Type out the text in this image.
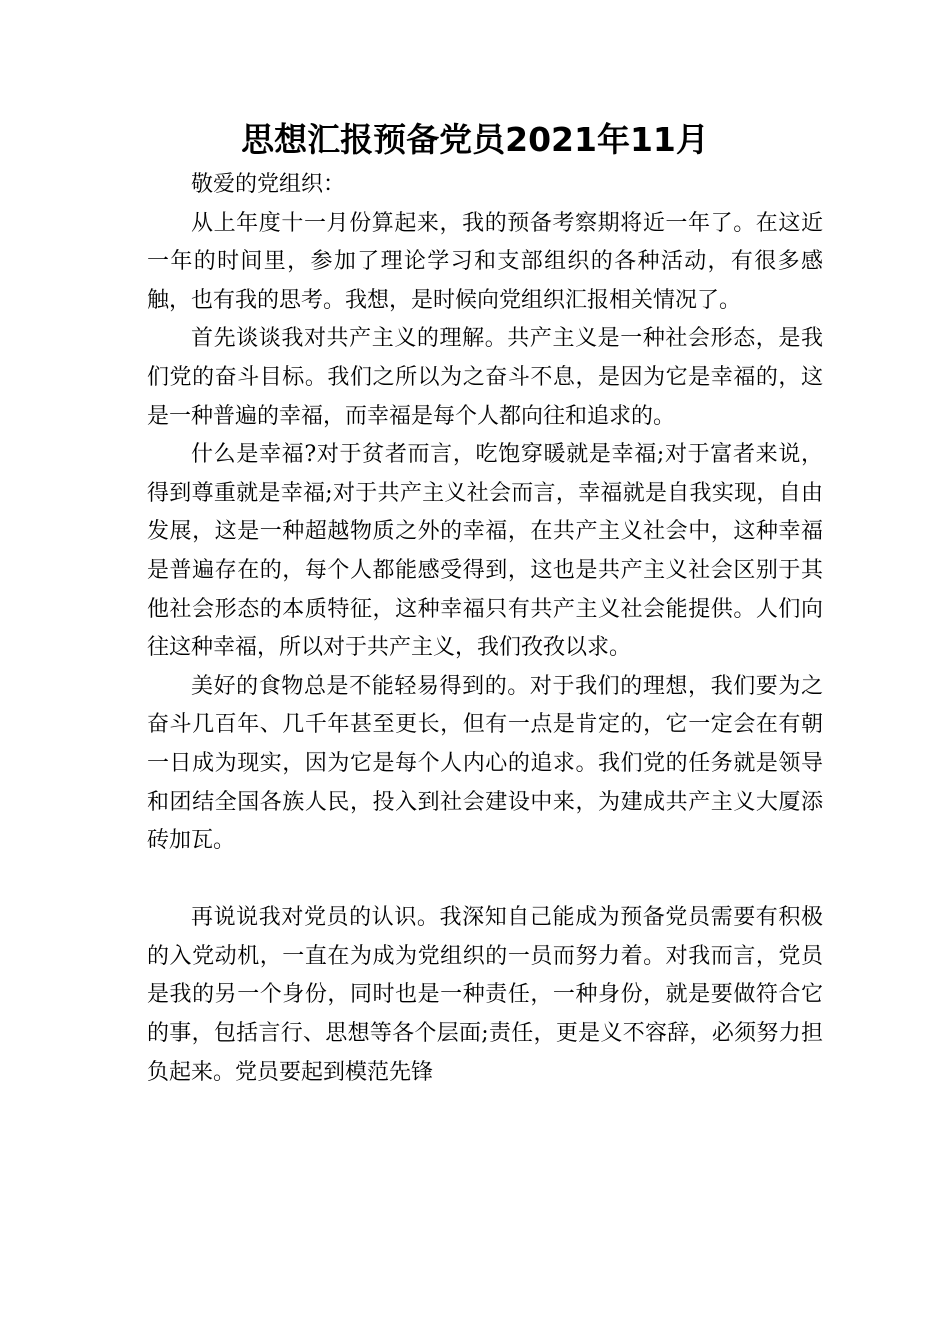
思想汇报预备党员2021年11月

敬爱的党组织：

从上年度十一月份算起来，我的预备考察期将近一年了。在这近一年的时间里，参加了理论学习和支部组织的各种活动，有很多感触，也有我的思考。我想，是时候向党组织汇报相关情况了。

首先谈谈我对共产主义的理解。共产主义是一种社会形态，是我们党的奋斗目标。我们之所以为之奋斗不息，是因为它是幸福的，这是一种普遍的幸福，而幸福是每个人都向往和追求的。

什么是幸福?对于贫者而言，吃饱穿暖就是幸福;对于富者来说，得到尊重就是幸福;对于共产主义社会而言，幸福就是自我实现，自由发展，这是一种超越物质之外的幸福，在共产主义社会中，这种幸福是普遍存在的，每个人都能感受得到，这也是共产主义社会区别于其他社会形态的本质特征，这种幸福只有共产主义社会能提供。人们向往这种幸福，所以对于共产主义，我们孜孜以求。

美好的食物总是不能轻易得到的。对于我们的理想，我们要为之奋斗几百年、几千年甚至更长，但有一点是肯定的，它一定会在有朝一日成为现实，因为它是每个人内心的追求。我们党的任务就是领导和团结全国各族人民，投入到社会建设中来，为建成共产主义大厦添砖加瓦。

再说说我对党员的认识。我深知自己能成为预备党员需要有积极的入党动机，一直在为成为党组织的一员而努力着。对我而言，党员是我的另一个身份，同时也是一种责任，一种身份，就是要做符合它的事，包括言行、思想等各个层面;责任，更是义不容辞，必须努力担负起来。党员要起到模范先锋
